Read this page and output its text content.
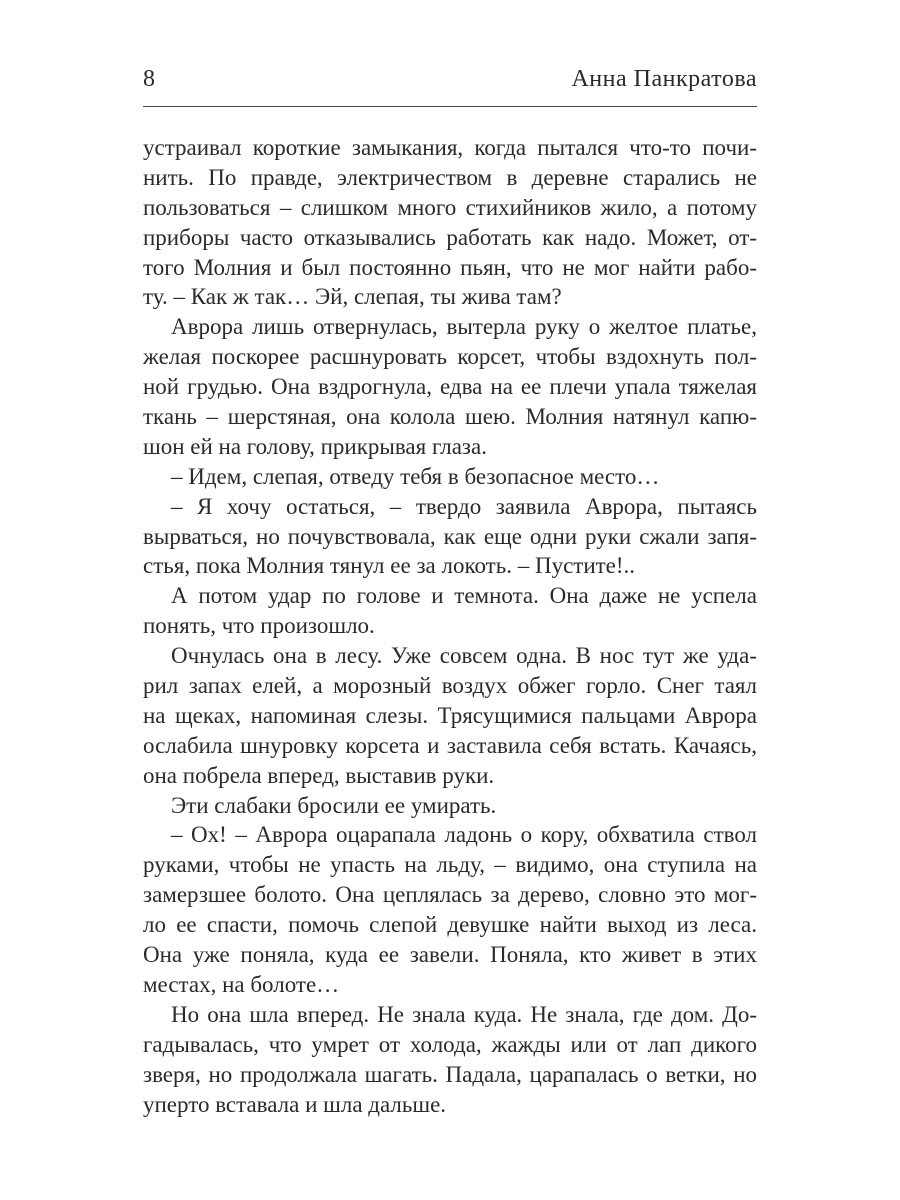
8	Анна Панкратова
устраивал короткие замыкания, когда пытался что-то почи-
нить. По правде, электричеством в деревне старались не
пользоваться – слишком много стихийников жило, а потому
приборы часто отказывались работать как надо. Может, от-
того Молния и был постоянно пьян, что не мог найти рабо-
ту. – Как ж так… Эй, слепая, ты жива там?
Аврора лишь отвернулась, вытерла руку о желтое платье,
желая поскорее расшнуровать корсет, чтобы вздохнуть пол-
ной грудью. Она вздрогнула, едва на ее плечи упала тяжелая
ткань – шерстяная, она колола шею. Молния натянул капю-
шон ей на голову, прикрывая глаза.
– Идем, слепая, отведу тебя в безопасное место…
– Я хочу остаться, – твердо заявила Аврора, пытаясь
вырваться, но почувствовала, как еще одни руки сжали запя-
стья, пока Молния тянул ее за локоть. – Пустите!..
А потом удар по голове и темнота. Она даже не успела
понять, что произошло.
Очнулась она в лесу. Уже совсем одна. В нос тут же уда-
рил запах елей, а морозный воздух обжег горло. Снег таял
на щеках, напоминая слезы. Трясущимися пальцами Аврора
ослабила шнуровку корсета и заставила себя встать. Качаясь,
она побрела вперед, выставив руки.
Эти слабаки бросили ее умирать.
– Ох! – Аврора оцарапала ладонь о кору, обхватила ствол
руками, чтобы не упасть на льду, – видимо, она ступила на
замерзшее болото. Она цеплялась за дерево, словно это мог-
ло ее спасти, помочь слепой девушке найти выход из леса.
Она уже поняла, куда ее завели. Поняла, кто живет в этих
местах, на болоте…
Но она шла вперед. Не знала куда. Не знала, где дом. До-
гадывалась, что умрет от холода, жажды или от лап дикого
зверя, но продолжала шагать. Падала, царапалась о ветки, но
уперто вставала и шла дальше.
